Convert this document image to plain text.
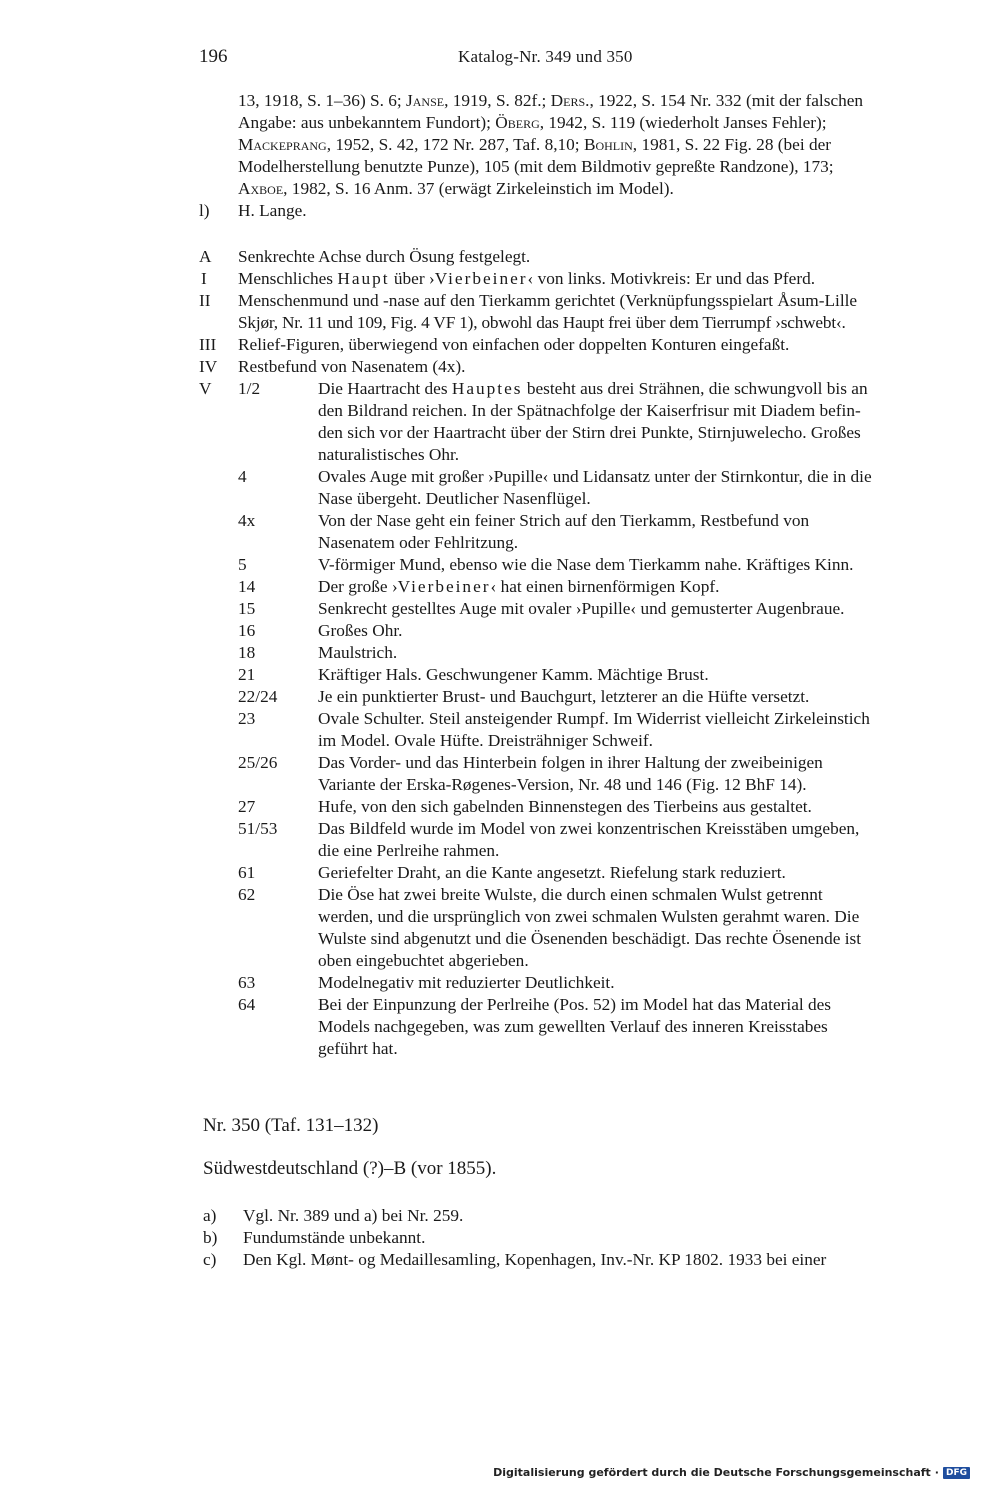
196	Katalog-Nr. 349 und 350
13, 1918, S. 1–36) S. 6; Janse, 1919, S. 82f.; Ders., 1922, S. 154 Nr. 332 (mit der falschen
Angabe: aus unbekanntem Fundort); Öberg, 1942, S. 119 (wiederholt Janses Fehler);
Mackeprang, 1952, S. 42, 172 Nr. 287, Taf. 8,10; Bohlin, 1981, S. 22 Fig. 28 (bei der
Modelherstellung benutzte Punze), 105 (mit dem Bildmotiv gepreßte Randzone), 173;
Axboe, 1982, S. 16 Anm. 37 (erwägt Zirkeleinstich im Model).
l) H. Lange.
A Senkrechte Achse durch Ösung festgelegt.
I Menschliches Haupt über ›Vierbeiner‹ von links. Motivkreis: Er und das Pferd.
II Menschenmund und -nase auf den Tierkamm gerichtet (Verknüpfungsspielart Åsum-Lille
Skjør, Nr. 11 und 109, Fig. 4 VF 1), obwohl das Haupt frei über dem Tierrumpf ›schwebt‹.
III Relief-Figuren, überwiegend von einfachen oder doppelten Konturen eingefaßt.
IV Restbefund von Nasenatem (4x).
V 1/2	Die Haartracht des Hauptes besteht aus drei Strähnen, die schwungvoll bis an
den Bildrand reichen. In der Spätnachfolge der Kaiserfrisur mit Diadem befin-
den sich vor der Haartracht über der Stirn drei Punkte, Stirnjuwelecho. Großes
naturalistisches Ohr.
4	Ovales Auge mit großer ›Pupille‹ und Lidansatz unter der Stirnkontur, die in die
Nase übergeht. Deutlicher Nasenflügel.
4x	Von der Nase geht ein feiner Strich auf den Tierkamm, Restbefund von
Nasenatem oder Fehlritzung.
5	V-förmiger Mund, ebenso wie die Nase dem Tierkamm nahe. Kräftiges Kinn.
14	Der große ›Vierbeiner‹ hat einen birnenförmigen Kopf.
15	Senkrecht gestelltes Auge mit ovaler ›Pupille‹ und gemusterter Augenbraue.
16	Großes Ohr.
18	Maulstrich.
21	Kräftiger Hals. Geschwungener Kamm. Mächtige Brust.
22/24 Je ein punktierter Brust- und Bauchgurt, letzterer an die Hüfte versetzt.
23	Ovale Schulter. Steil ansteigender Rumpf. Im Widerrist vielleicht Zirkeleinstich
im Model. Ovale Hüfte. Dreisträhniger Schweif.
25/26 Das Vorder- und das Hinterbein folgen in ihrer Haltung der zweibeinigen
Variante der Erska-Røgenes-Version, Nr. 48 und 146 (Fig. 12 BhF 14).
27	Hufe, von den sich gabelnden Binnenstegen des Tierbeins aus gestaltet.
51/53 Das Bildfeld wurde im Model von zwei konzentrischen Kreisstäben umgeben,
die eine Perlreihe rahmen.
61	Geriefelter Draht, an die Kante angesetzt. Riefelung stark reduziert.
62	Die Öse hat zwei breite Wulste, die durch einen schmalen Wulst getrennt
werden, und die ursprünglich von zwei schmalen Wulsten gerahmt waren. Die
Wulste sind abgenutzt und die Ösenenden beschädigt. Das rechte Ösenende ist
oben eingebuchtet abgerieben.
63	Modelnegativ mit reduzierter Deutlichkeit.
64	Bei der Einpunzung der Perlreihe (Pos. 52) im Model hat das Material des
Models nachgegeben, was zum gewellten Verlauf des inneren Kreisstabes
geführt hat.
Nr. 350 (Taf. 131–132)
Südwestdeutschland (?)–B (vor 1855).
a) Vgl. Nr. 389 und a) bei Nr. 259.
b) Fundumstände unbekannt.
c) Den Kgl. Mønt- og Medaillesamling, Kopenhagen, Inv.-Nr. KP 1802. 1933 bei einer
Digitalisierung gefördert durch die Deutsche Forschungsgemeinschaft · DFG
